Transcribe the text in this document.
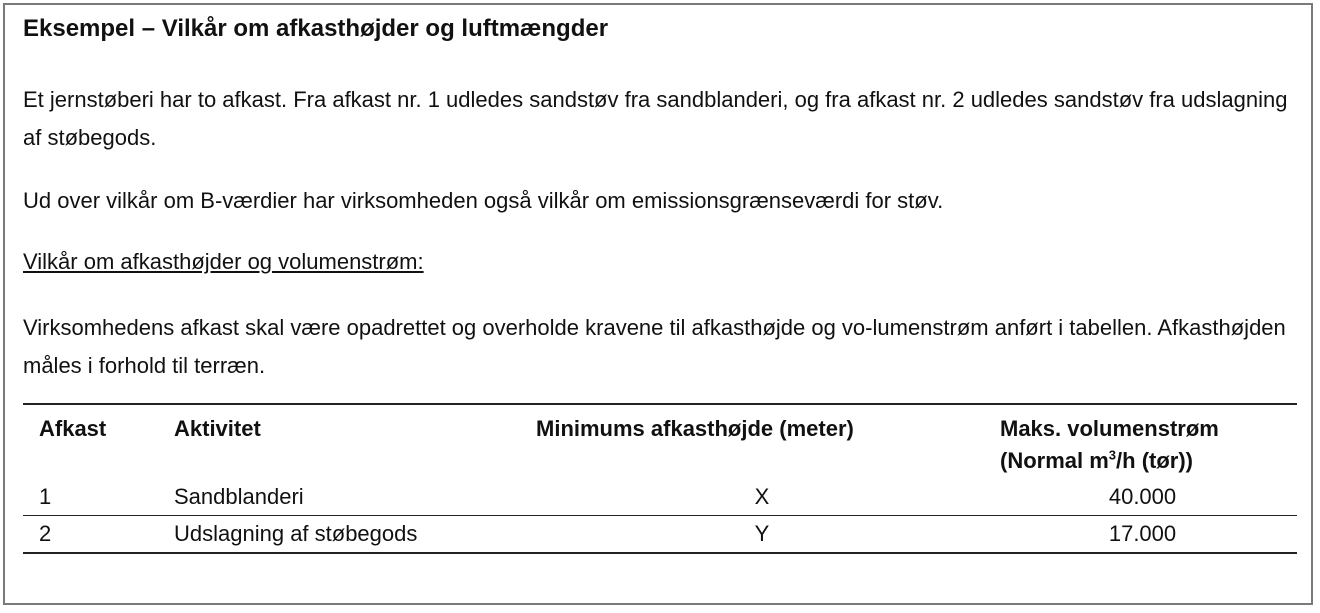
Eksempel – Vilkår om afkasthøjder og luftmængder

Et jernstøberi har to afkast. Fra afkast nr. 1 udledes sandstøv fra sandblanderi, og fra afkast nr. 2 udledes sandstøv fra udslagning af støbegods.

Ud over vilkår om B-værdier har virksomheden også vilkår om emissionsgrænseværdi for støv.

Vilkår om afkasthøjder og volumenstrøm:

Virksomhedens afkast skal være opadrettet og overholde kravene til afkasthøjde og vo-lumenstrøm anført i tabellen. Afkasthøjden måles i forhold til terræn.

Afkast	Aktivitet	Minimums afkasthøjde (meter)	Maks. volumenstrøm
(Normal $m^3/h$ (tør))
1	Sandblanderi	X	40.000
2	Udslagning af støbegods	Y	17.000
